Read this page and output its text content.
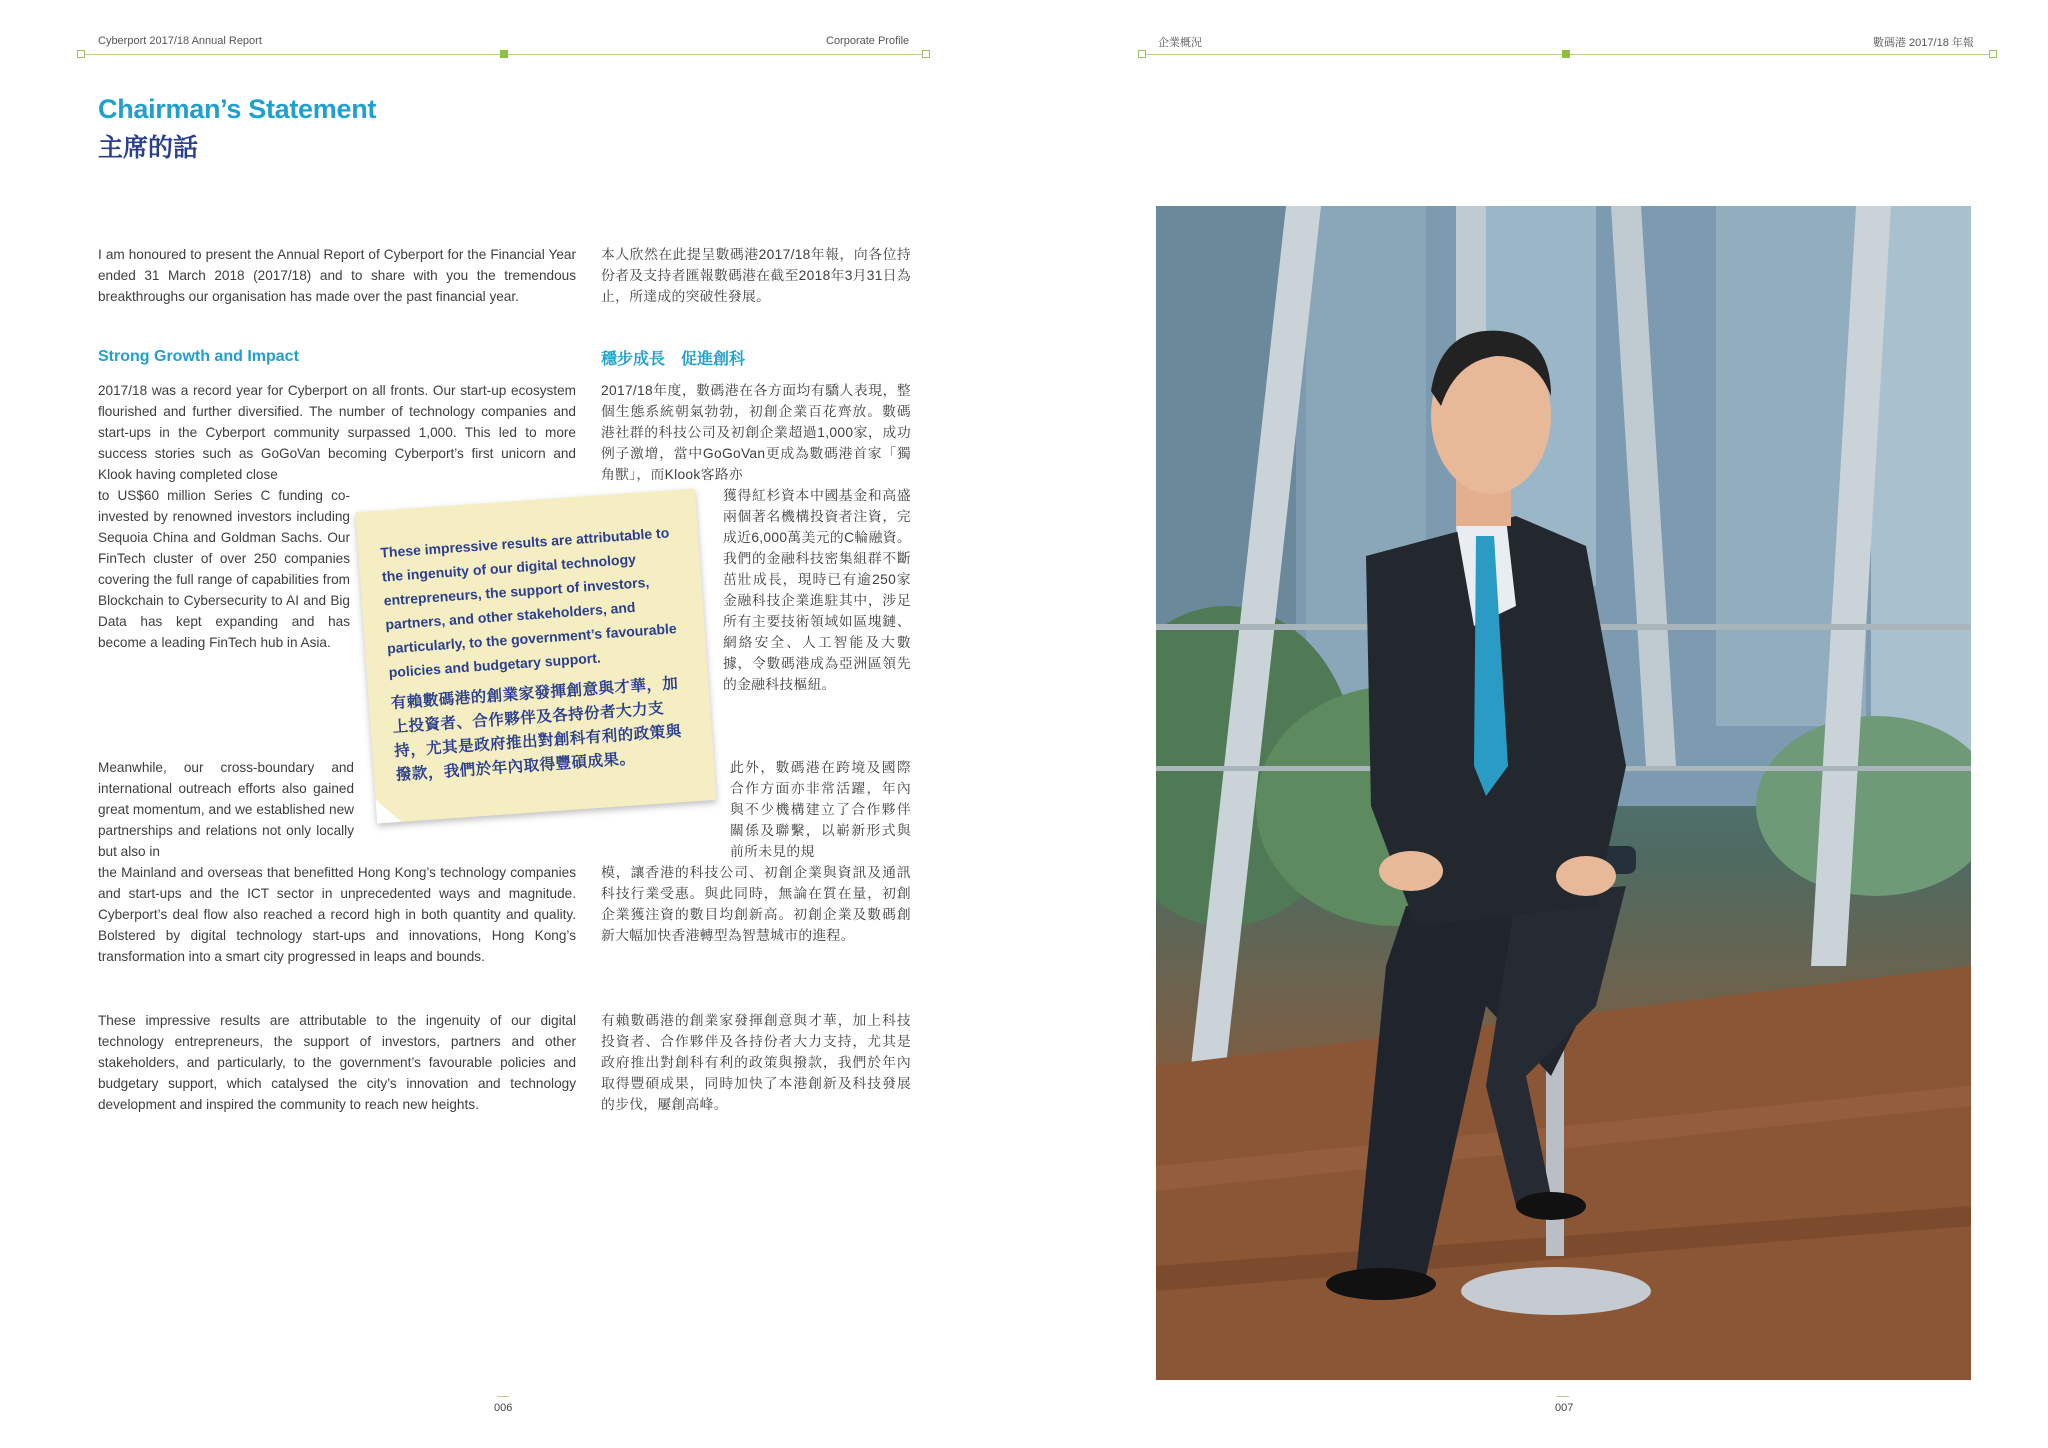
Cyberport 2017/18 Annual Report	Corporate Profile	企業概況	數碼港 2017/18 年報
Chairman’s Statement
主席的話
I am honoured to present the Annual Report of Cyberport for the Financial Year ended 31 March 2018 (2017/18) and to share with you the tremendous breakthroughs our organisation has made over the past financial year.
本人欣然在此提呈數碼港2017/18年報，向各位持份者及支持者匯報數碼港在截至2018年3月31日為止，所達成的突破性發展。
Strong Growth and Impact	穩步成長　促進創科
2017/18 was a record year for Cyberport on all fronts. Our start-up ecosystem flourished and further diversified. The number of technology companies and start-ups in the Cyberport community surpassed 1,000. This led to more success stories such as GoGoVan becoming Cyberport’s first unicorn and Klook having completed close
to US$60 million Series C funding co-invested by renowned investors including Sequoia China and Goldman Sachs. Our FinTech cluster of over 250 companies covering the full range of capabilities from Blockchain to Cybersecurity to AI and Big Data has kept expanding and has become a leading FinTech hub in Asia.
2017/18年度，數碼港在各方面均有驕人表現，整個生態系統朝氣勃勃，初創企業百花齊放。數碼港社群的科技公司及初創企業超過1,000家，成功例子激增，當中GoGoVan更成為數碼港首家「獨角獸」，而Klook客路亦
獲得紅杉資本中國基金和高盛兩個著名機構投資者注資，完成近6,000萬美元的C輪融資。我們的金融科技密集組群不斷茁壯成長，現時已有逾250家金融科技企業進駐其中，涉足所有主要技術領域如區塊鏈、網絡安全、人工智能及大數據，令數碼港成為亞洲區領先的金融科技樞紐。
Meanwhile, our cross-boundary and international outreach efforts also gained great momentum, and we established new partnerships and relations not only locally but also in
the Mainland and overseas that benefitted Hong Kong’s technology companies and start-ups and the ICT sector in unprecedented ways and magnitude. Cyberport’s deal flow also reached a record high in both quantity and quality. Bolstered by digital technology start-ups and innovations, Hong Kong’s transformation into a smart city progressed in leaps and bounds.
此外，數碼港在跨境及國際合作方面亦非常活躍，年內與不少機構建立了合作夥伴關係及聯繫，以嶄新形式與前所未見的規
模，讓香港的科技公司、初創企業與資訊及通訊科技行業受惠。與此同時，無論在質在量，初創企業獲注資的數目均創新高。初創企業及數碼創新大幅加快香港轉型為智慧城市的進程。
These impressive results are attributable to the ingenuity of our digital technology entrepreneurs, the support of investors, partners and other stakeholders, and particularly, to the government’s favourable policies and budgetary support, which catalysed the city’s innovation and technology development and inspired the community to reach new heights.
有賴數碼港的創業家發揮創意與才華，加上科技投資者、合作夥伴及各持份者大力支持，尤其是政府推出對創科有利的政策與撥款，我們於年內取得豐碩成果，同時加快了本港創新及科技發展的步伐，屢創高峰。

These impressive results are attributable to the ingenuity of our digital technology entrepreneurs, the support of investors, partners, and other stakeholders, and particularly, to the government’s favourable policies and budgetary support.

有賴數碼港的創業家發揮創意與才華，加上投資者、合作夥伴及各持份者大力支持，尤其是政府推出對創科有利的政策與撥款，我們於年內取得豐碩成果。

006	007
